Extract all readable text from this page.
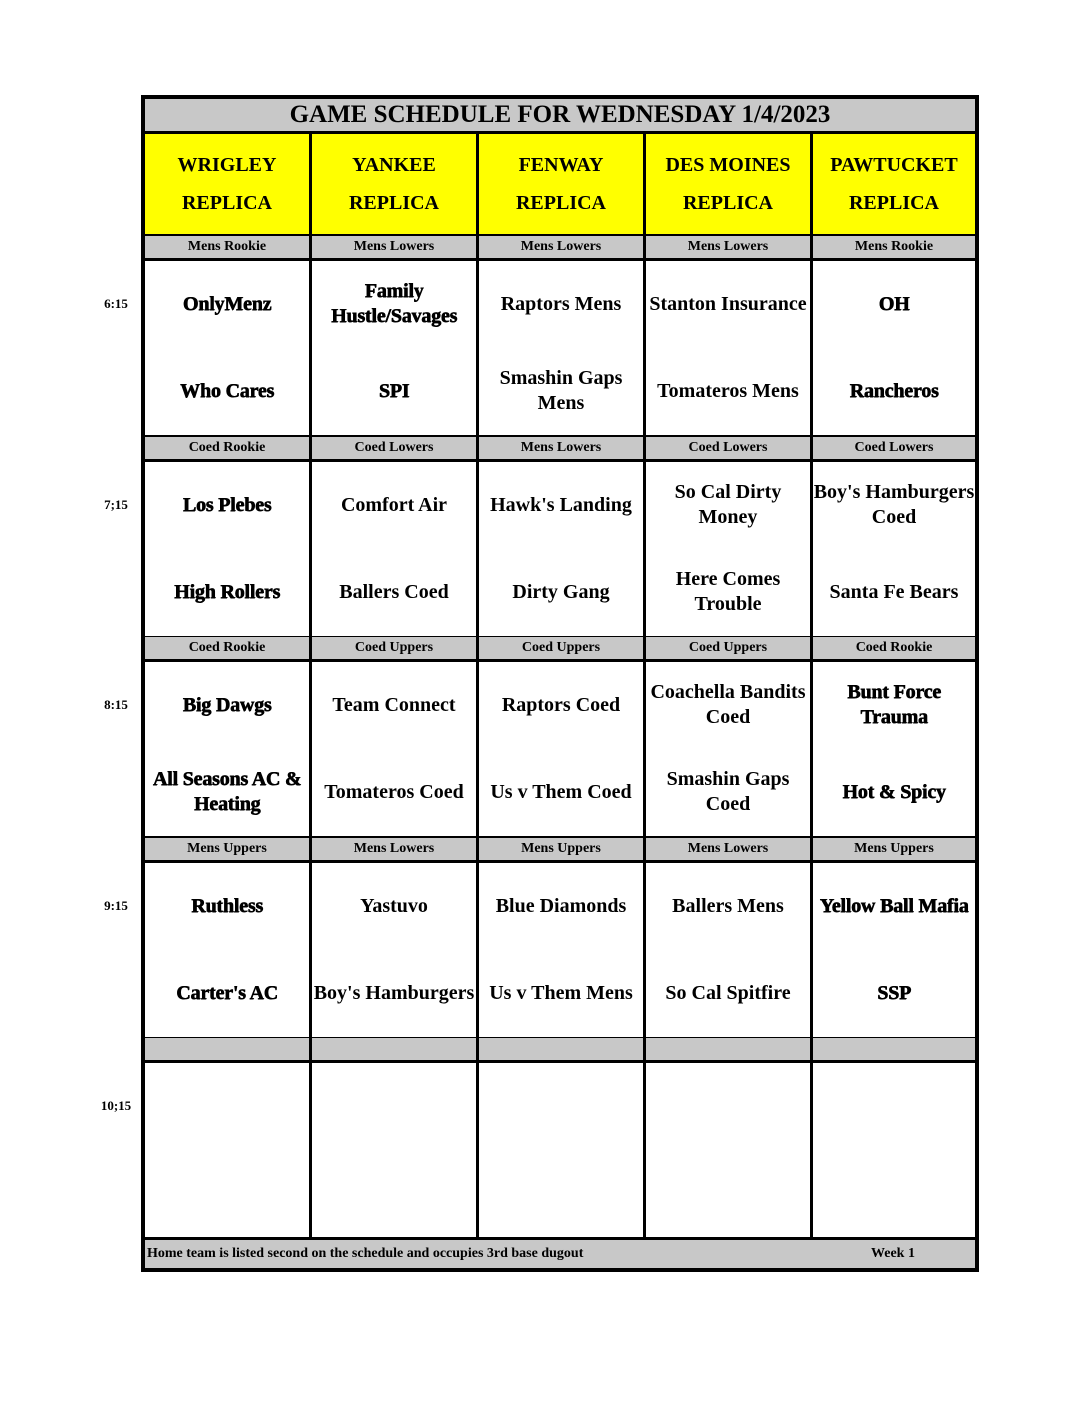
GAME SCHEDULE FOR WEDNESDAY 1/4/2023
Home team is listed second on the schedule and occupies 3rd base dugout	Week 1
WRIGLEY
REPLICA
YANKEE
REPLICA
FENWAY
REPLICA
DES MOINES
REPLICA
PAWTUCKET
REPLICA
Mens Rookie
OnlyMenz
Who Cares
Mens Lowers
Family Hustle/Savages
SPI
Mens Lowers
Raptors Mens
Smashin Gaps Mens
Mens Lowers
Stanton Insurance
Tomateros Mens
Mens Rookie
OH
Rancheros
Coed Rookie
Los Plebes
High Rollers
Coed Lowers
Comfort Air
Ballers Coed
Mens Lowers
Hawk's Landing
Dirty Gang
Coed Lowers
So Cal Dirty Money
Here Comes Trouble
Coed Lowers
Boy's Hamburgers Coed
Santa Fe Bears
Coed Rookie
Big Dawgs
All Seasons AC & Heating
Coed Uppers
Team Connect
Tomateros Coed
Coed Uppers
Raptors Coed
Us v Them Coed
Coed Uppers
Coachella Bandits Coed
Smashin Gaps Coed
Coed Rookie
Bunt Force Trauma
Hot & Spicy
Mens Uppers
Ruthless
Carter's AC
Mens Lowers
Yastuvo
Boy's Hamburgers
Mens Uppers
Blue Diamonds
Us v Them Mens
Mens Lowers
Ballers Mens
So Cal Spitfire
Mens Uppers
Yellow Ball Mafia
SSP
6:15
7;15
8:15
9:15
10;15
